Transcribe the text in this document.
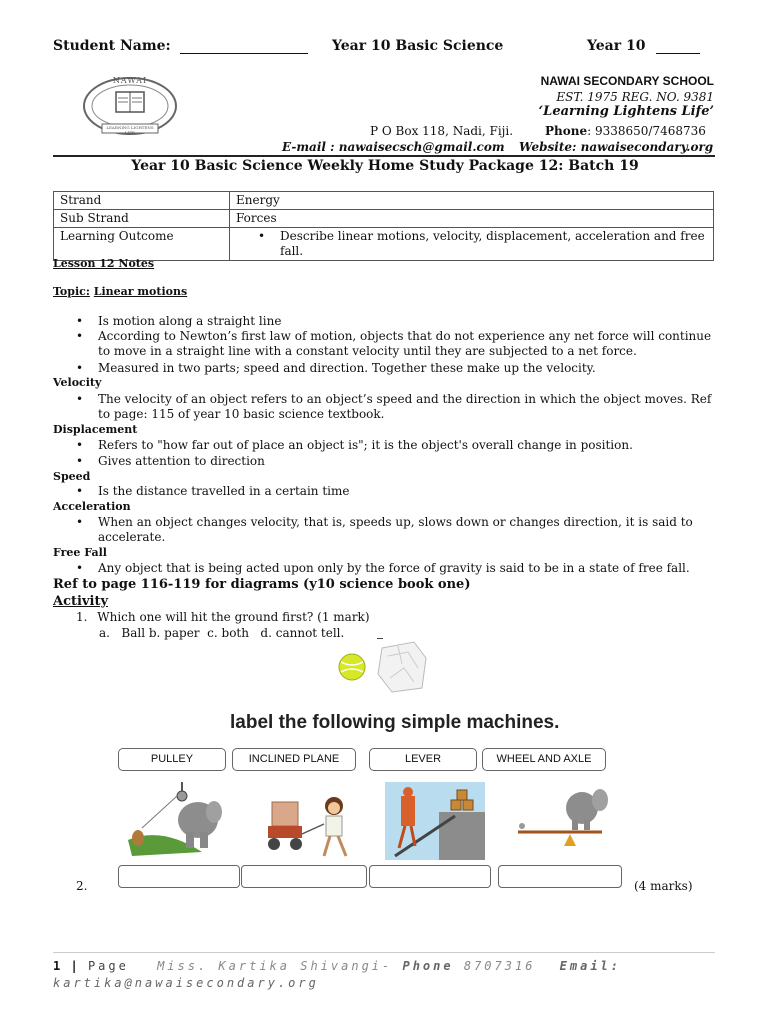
Student Name:	Year 10 Basic Science	Year 10
NAWAI
LEARNING LIGHTENS LIFE
NAWAI SECONDARY SCHOOL
EST. 1975 REG. NO. 9381
‘Learning Lightens Life’
P O Box 118, Nadi, Fiji.	Phone: 9338650/7468736
E-mail : nawaisecsch@gmail.com Website: nawaisecondary.org
Year 10 Basic Science Weekly Home Study Package 12: Batch 19
Strand	Energy
Sub Strand	Forces
Learning Outcome	• Describe linear motions, velocity, displacement, acceleration and free fall.
Lesson 12 Notes
Topic: Linear motions
• Is motion along a straight line
• According to Newton’s first law of motion, objects that do not experience any net force will continue to move in a straight line with a constant velocity until they are subjected to a net force.
• Measured in two parts; speed and direction. Together these make up the velocity.
Velocity
• The velocity of an object refers to an object’s speed and the direction in which the object moves. Ref to page: 115 of year 10 basic science textbook.
Displacement
• Refers to "how far out of place an object is"; it is the object's overall change in position.
• Gives attention to direction
Speed
• Is the distance travelled in a certain time
Acceleration
• When an object changes velocity, that is, speeds up, slows down or changes direction, it is said to accelerate.
Free Fall
• Any object that is being acted upon only by the force of gravity is said to be in a state of free fall.
Ref to page 116-119 for diagrams (y10 science book one)
Activity
1. Which one will hit the ground first? (1 mark)
a.   Ball b. paper  c. both   d. cannot tell.
label the following simple machines.
PULLEY	INCLINED PLANE	LEVER	WHEEL AND AXLE
2.	(4 marks)
1 | Page Miss. Kartika Shivangi- Phone 8707316 Email:
kartika@nawaisecondary.org
